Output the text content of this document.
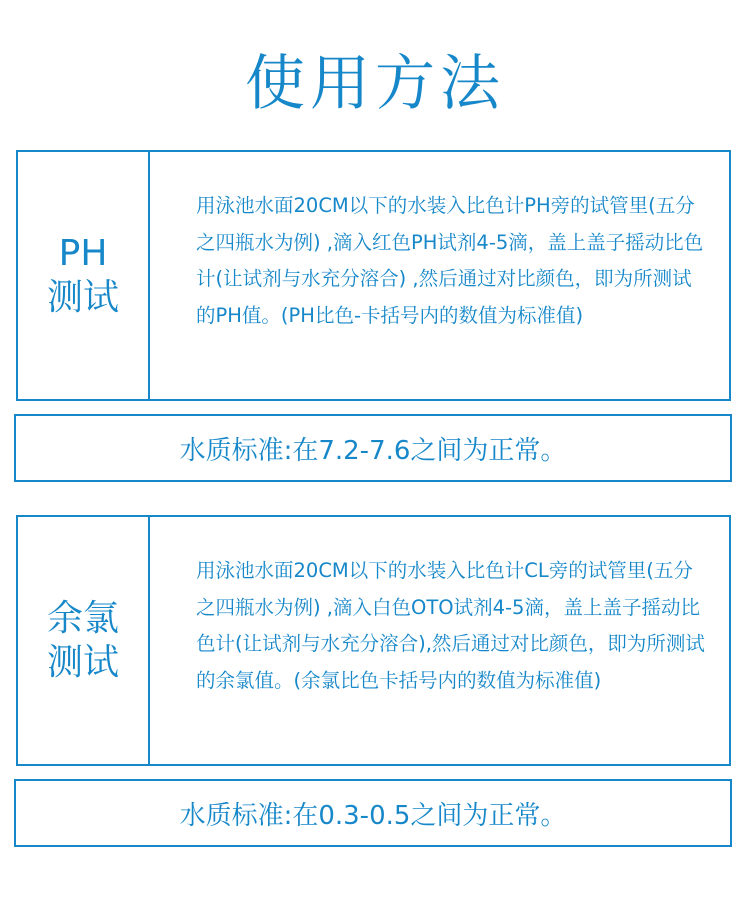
使用方法
PH
测试
用泳池水面20CM以下的水装入比色计PH旁的试管里(五分之四瓶水为例) ,滴入红色PH试剂4-5滴，盖上盖子摇动比色计(让试剂与水充分溶合) ,然后通过对比颜色，即为所测试的PH值。(PH比色-卡括号内的数值为标准值)
水质标准:在7.2-7.6之间为正常。
余氯
测试
用泳池水面20CM以下的水装入比色计CL旁的试管里(五分之四瓶水为例) ,滴入白色OTO试剂4-5滴，盖上盖子摇动比色计(让试剂与水充分溶合),然后通过对比颜色，即为所测试的余氯值。(余氯比色卡括号内的数值为标准值)
水质标准:在0.3-0.5之间为正常。
